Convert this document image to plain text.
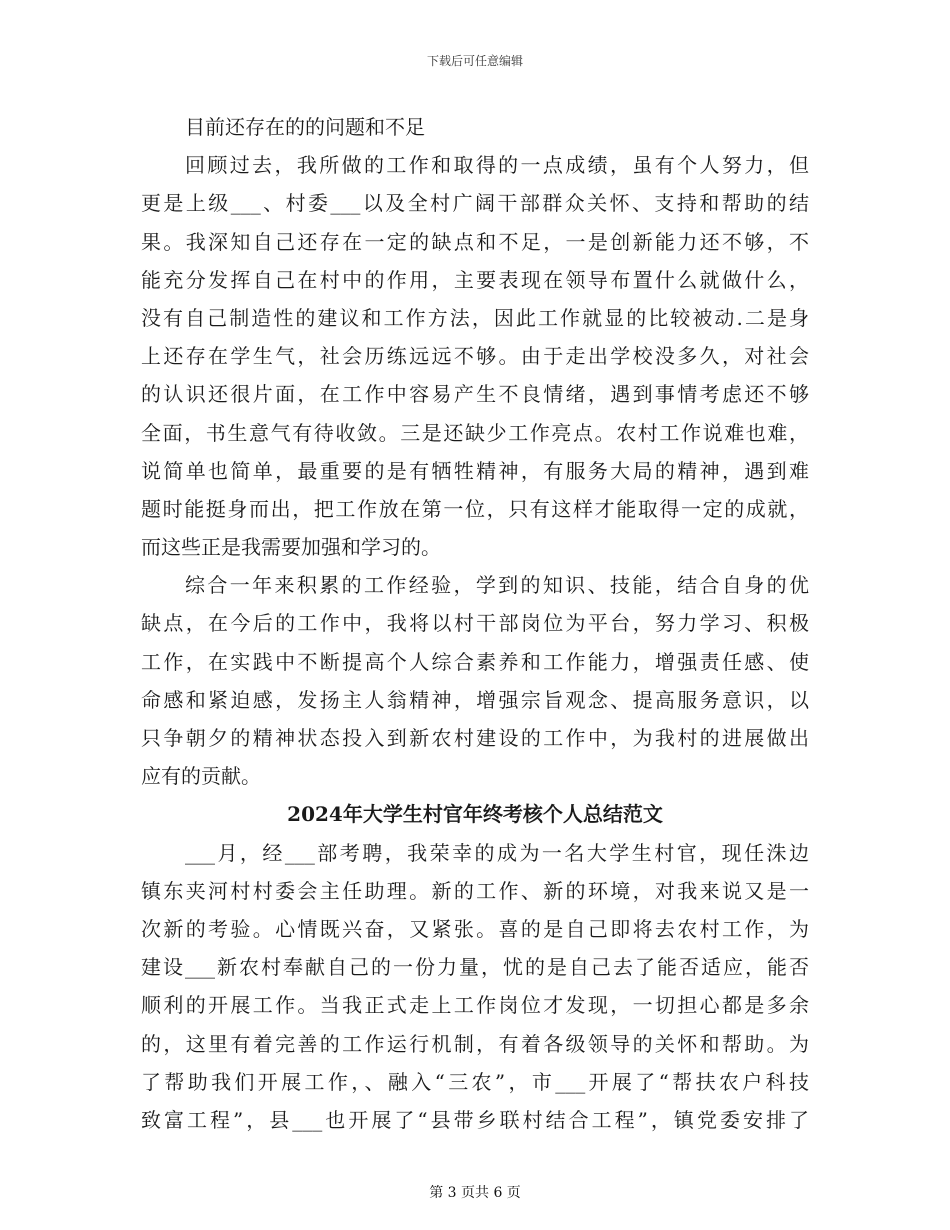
下载后可任意编辑
目前还存在的的问题和不足
回顾过去，我所做的工作和取得的一点成绩，虽有个人努力，但
更是上级___、村委___以及全村广阔干部群众关怀、支持和帮助的结
果。我深知自己还存在一定的缺点和不足，一是创新能力还不够，不
能充分发挥自己在村中的作用，主要表现在领导布置什么就做什么，
没有自己制造性的建议和工作方法，因此工作就显的比较被动.二是身
上还存在学生气，社会历练远远不够。由于走出学校没多久，对社会
的认识还很片面，在工作中容易产生不良情绪，遇到事情考虑还不够
全面，书生意气有待收敛。三是还缺少工作亮点。农村工作说难也难，
说简单也简单，最重要的是有牺牲精神，有服务大局的精神，遇到难
题时能挺身而出，把工作放在第一位，只有这样才能取得一定的成就，
而这些正是我需要加强和学习的。
综合一年来积累的工作经验，学到的知识、技能，结合自身的优
缺点，在今后的工作中，我将以村干部岗位为平台，努力学习、积极
工作，在实践中不断提高个人综合素养和工作能力，增强责任感、使
命感和紧迫感，发扬主人翁精神，增强宗旨观念、提高服务意识，以
只争朝夕的精神状态投入到新农村建设的工作中，为我村的进展做出
应有的贡献。
2024年大学生村官年终考核个人总结范文
___月，经___部考聘，我荣幸的成为一名大学生村官，现任洙边
镇东夹河村村委会主任助理。新的工作、新的环境，对我来说又是一
次新的考验。心情既兴奋，又紧张。喜的是自己即将去农村工作，为
建设___新农村奉献自己的一份力量，忧的是自己去了能否适应，能否
顺利的开展工作。当我正式走上工作岗位才发现，一切担心都是多余
的，这里有着完善的工作运行机制，有着各级领导的关怀和帮助。为
了帮助我们开展工作，、融入“三农”，市___开展了“帮扶农户科技
致富工程”，县___也开展了“县带乡联村结合工程”，镇党委安排了
第 3 页共 6 页
